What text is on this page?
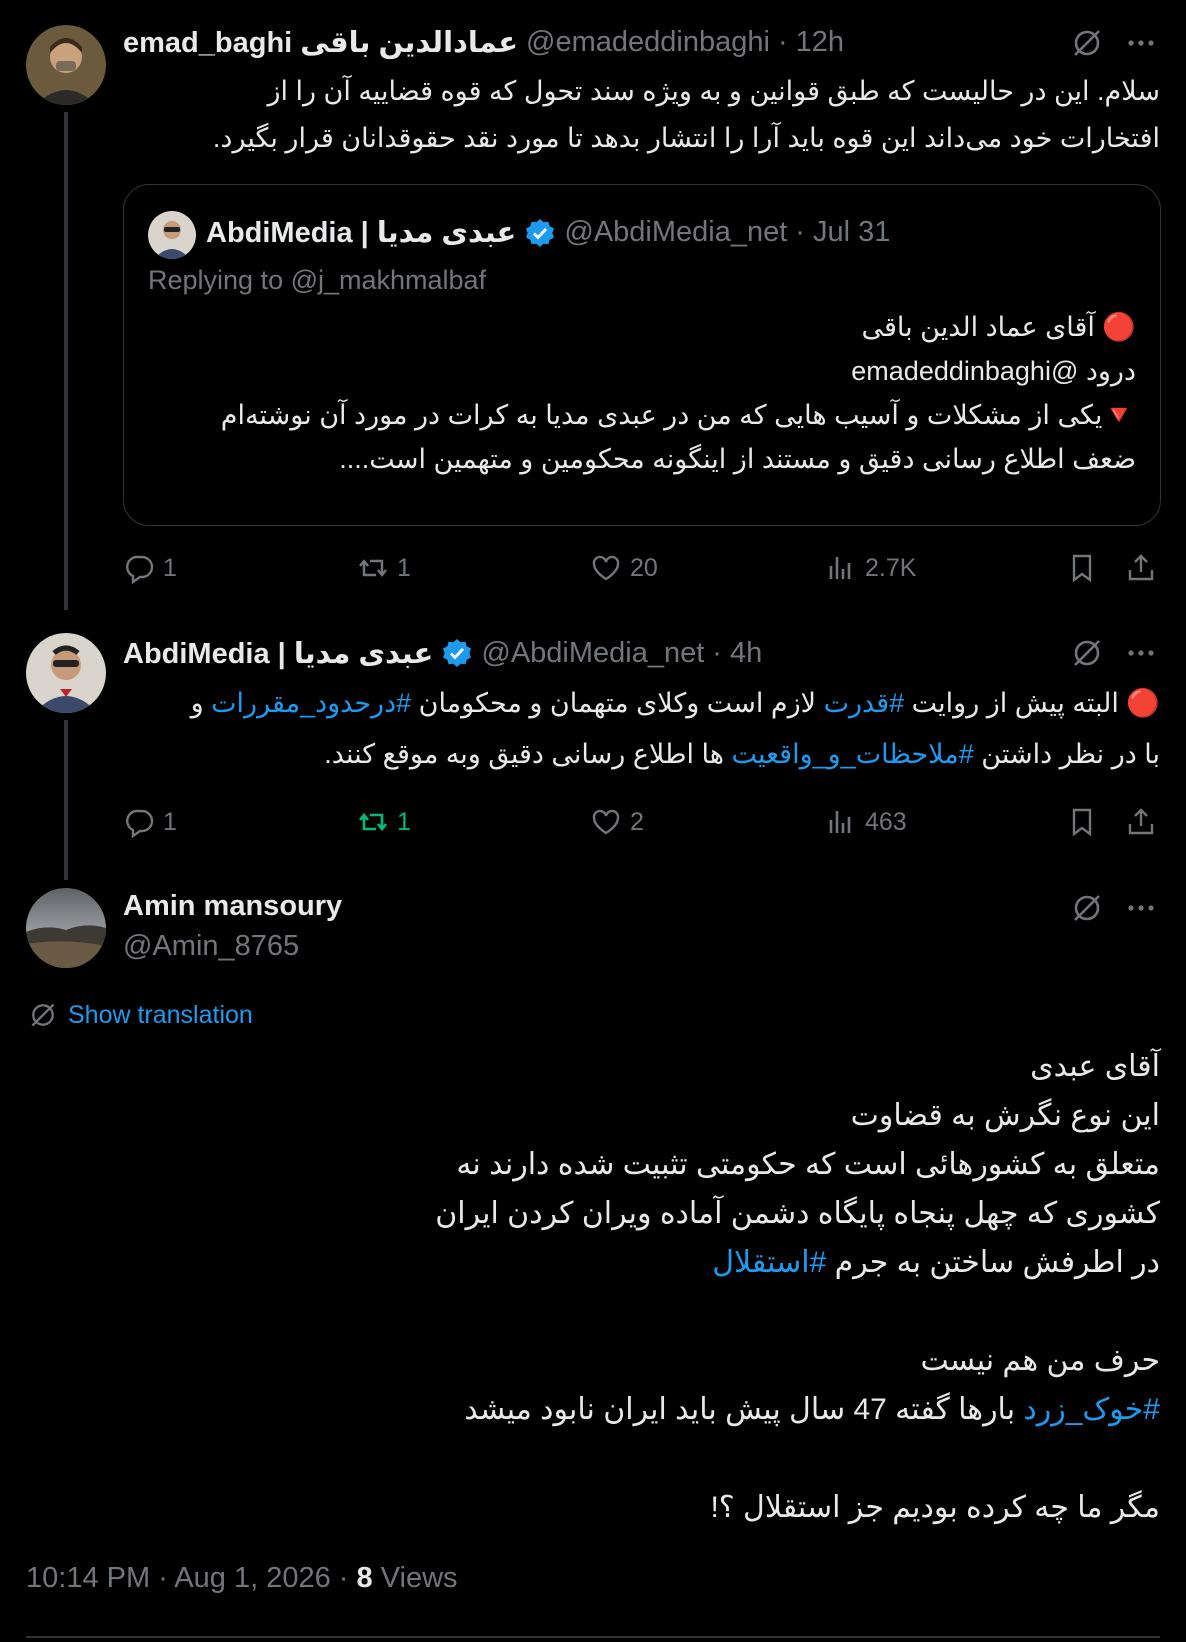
emad_baghi عمادالدین باقی @emadeddinbaghi · 12h
سلام. این در حالیست که طبق قوانین و به ویژه سند تحول که قوه قضاییه آن را از
افتخارات خود می‌داند این قوه باید آرا را انتشار بدهد تا مورد نقد حقوقدانان قرار بگیرد.
AbdiMedia | عبدی مدیا @AbdiMedia_net · Jul 31
Replying to @j_makhmalbaf
🔴 آقای عماد الدین باقی
درود @emadeddinbaghi
🔻یکی از مشکلات و آسیب هایی که من در عبدی مدیا به کرات در مورد آن نوشته‌ام
ضعف اطلاع رسانی دقیق و مستند از اینگونه محکومین و متهمین است....
1	1	20	2.7K
AbdiMedia | عبدی مدیا @AbdiMedia_net · 4h
🔴 البته پیش از روایت #قدرت لازم است وکلای متهمان و محکومان #درحدود_مقررات و
با در نظر داشتن #ملاحظات_و_واقعیت ها اطلاع رسانی دقیق وبه موقع کنند.
1	1	2	463
Amin mansoury
@Amin_8765
Show translation
آقای عبدی
این نوع نگرش به قضاوت
متعلق به کشورهائی است که حکومتی تثبیت شده دارند نه
کشوری که چهل پنجاه پایگاه دشمن آماده ویران کردن ایران
در اطرفش ساختن به جرم #استقلال

حرف من هم نیست
#خوک_زرد بارها گفته 47 سال پیش باید ایران نابود میشد

مگر ما چه کرده بودیم جز استقلال ؟!
10:14 PM · Aug 1, 2026 · 8 Views
